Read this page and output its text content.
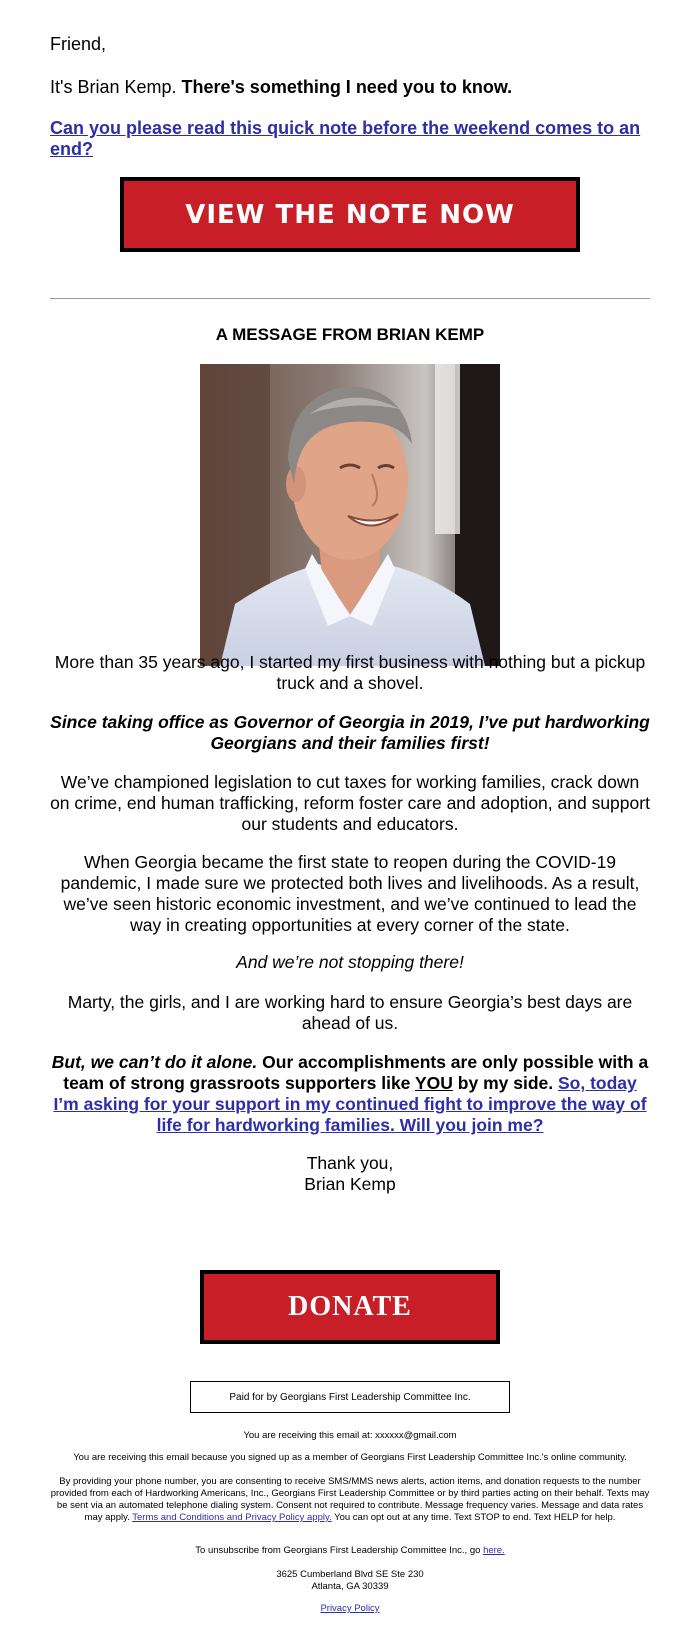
Friend,
It's Brian Kemp. There's something I need you to know.
Can you please read this quick note before the weekend comes to an end?
VIEW THE NOTE NOW
A MESSAGE FROM BRIAN KEMP
More than 35 years ago, I started my first business with nothing but a pickup truck and a shovel.
Since taking office as Governor of Georgia in 2019, I’ve put hardworking Georgians and their families first!
We’ve championed legislation to cut taxes for working families, crack down on crime, end human trafficking, reform foster care and adoption, and support our students and educators.
When Georgia became the first state to reopen during the COVID-19 pandemic, I made sure we protected both lives and livelihoods. As a result, we’ve seen historic economic investment, and we’ve continued to lead the way in creating opportunities at every corner of the state.
And we’re not stopping there!
Marty, the girls, and I are working hard to ensure Georgia’s best days are ahead of us.
But, we can’t do it alone. Our accomplishments are only possible with a team of strong grassroots supporters like YOU by my side. So, today I’m asking for your support in my continued fight to improve the way of life for hardworking families. Will you join me?
Thank you,
Brian Kemp
DONATE
Paid for by Georgians First Leadership Committee Inc.
You are receiving this email at: xxxxxx@gmail.com
You are receiving this email because you signed up as a member of Georgians First Leadership Committee Inc.'s online community.
By providing your phone number, you are consenting to receive SMS/MMS news alerts, action items, and donation requests to the number provided from each of Hardworking Americans, Inc., Georgians First Leadership Committee or by third parties acting on their behalf. Texts may be sent via an automated telephone dialing system. Consent not required to contribute. Message frequency varies. Message and data rates may apply. Terms and Conditions and Privacy Policy apply. You can opt out at any time. Text STOP to end. Text HELP for help.
To unsubscribe from Georgians First Leadership Committee Inc., go here.
3625 Cumberland Blvd SE Ste 230
Atlanta, GA 30339
Privacy Policy
